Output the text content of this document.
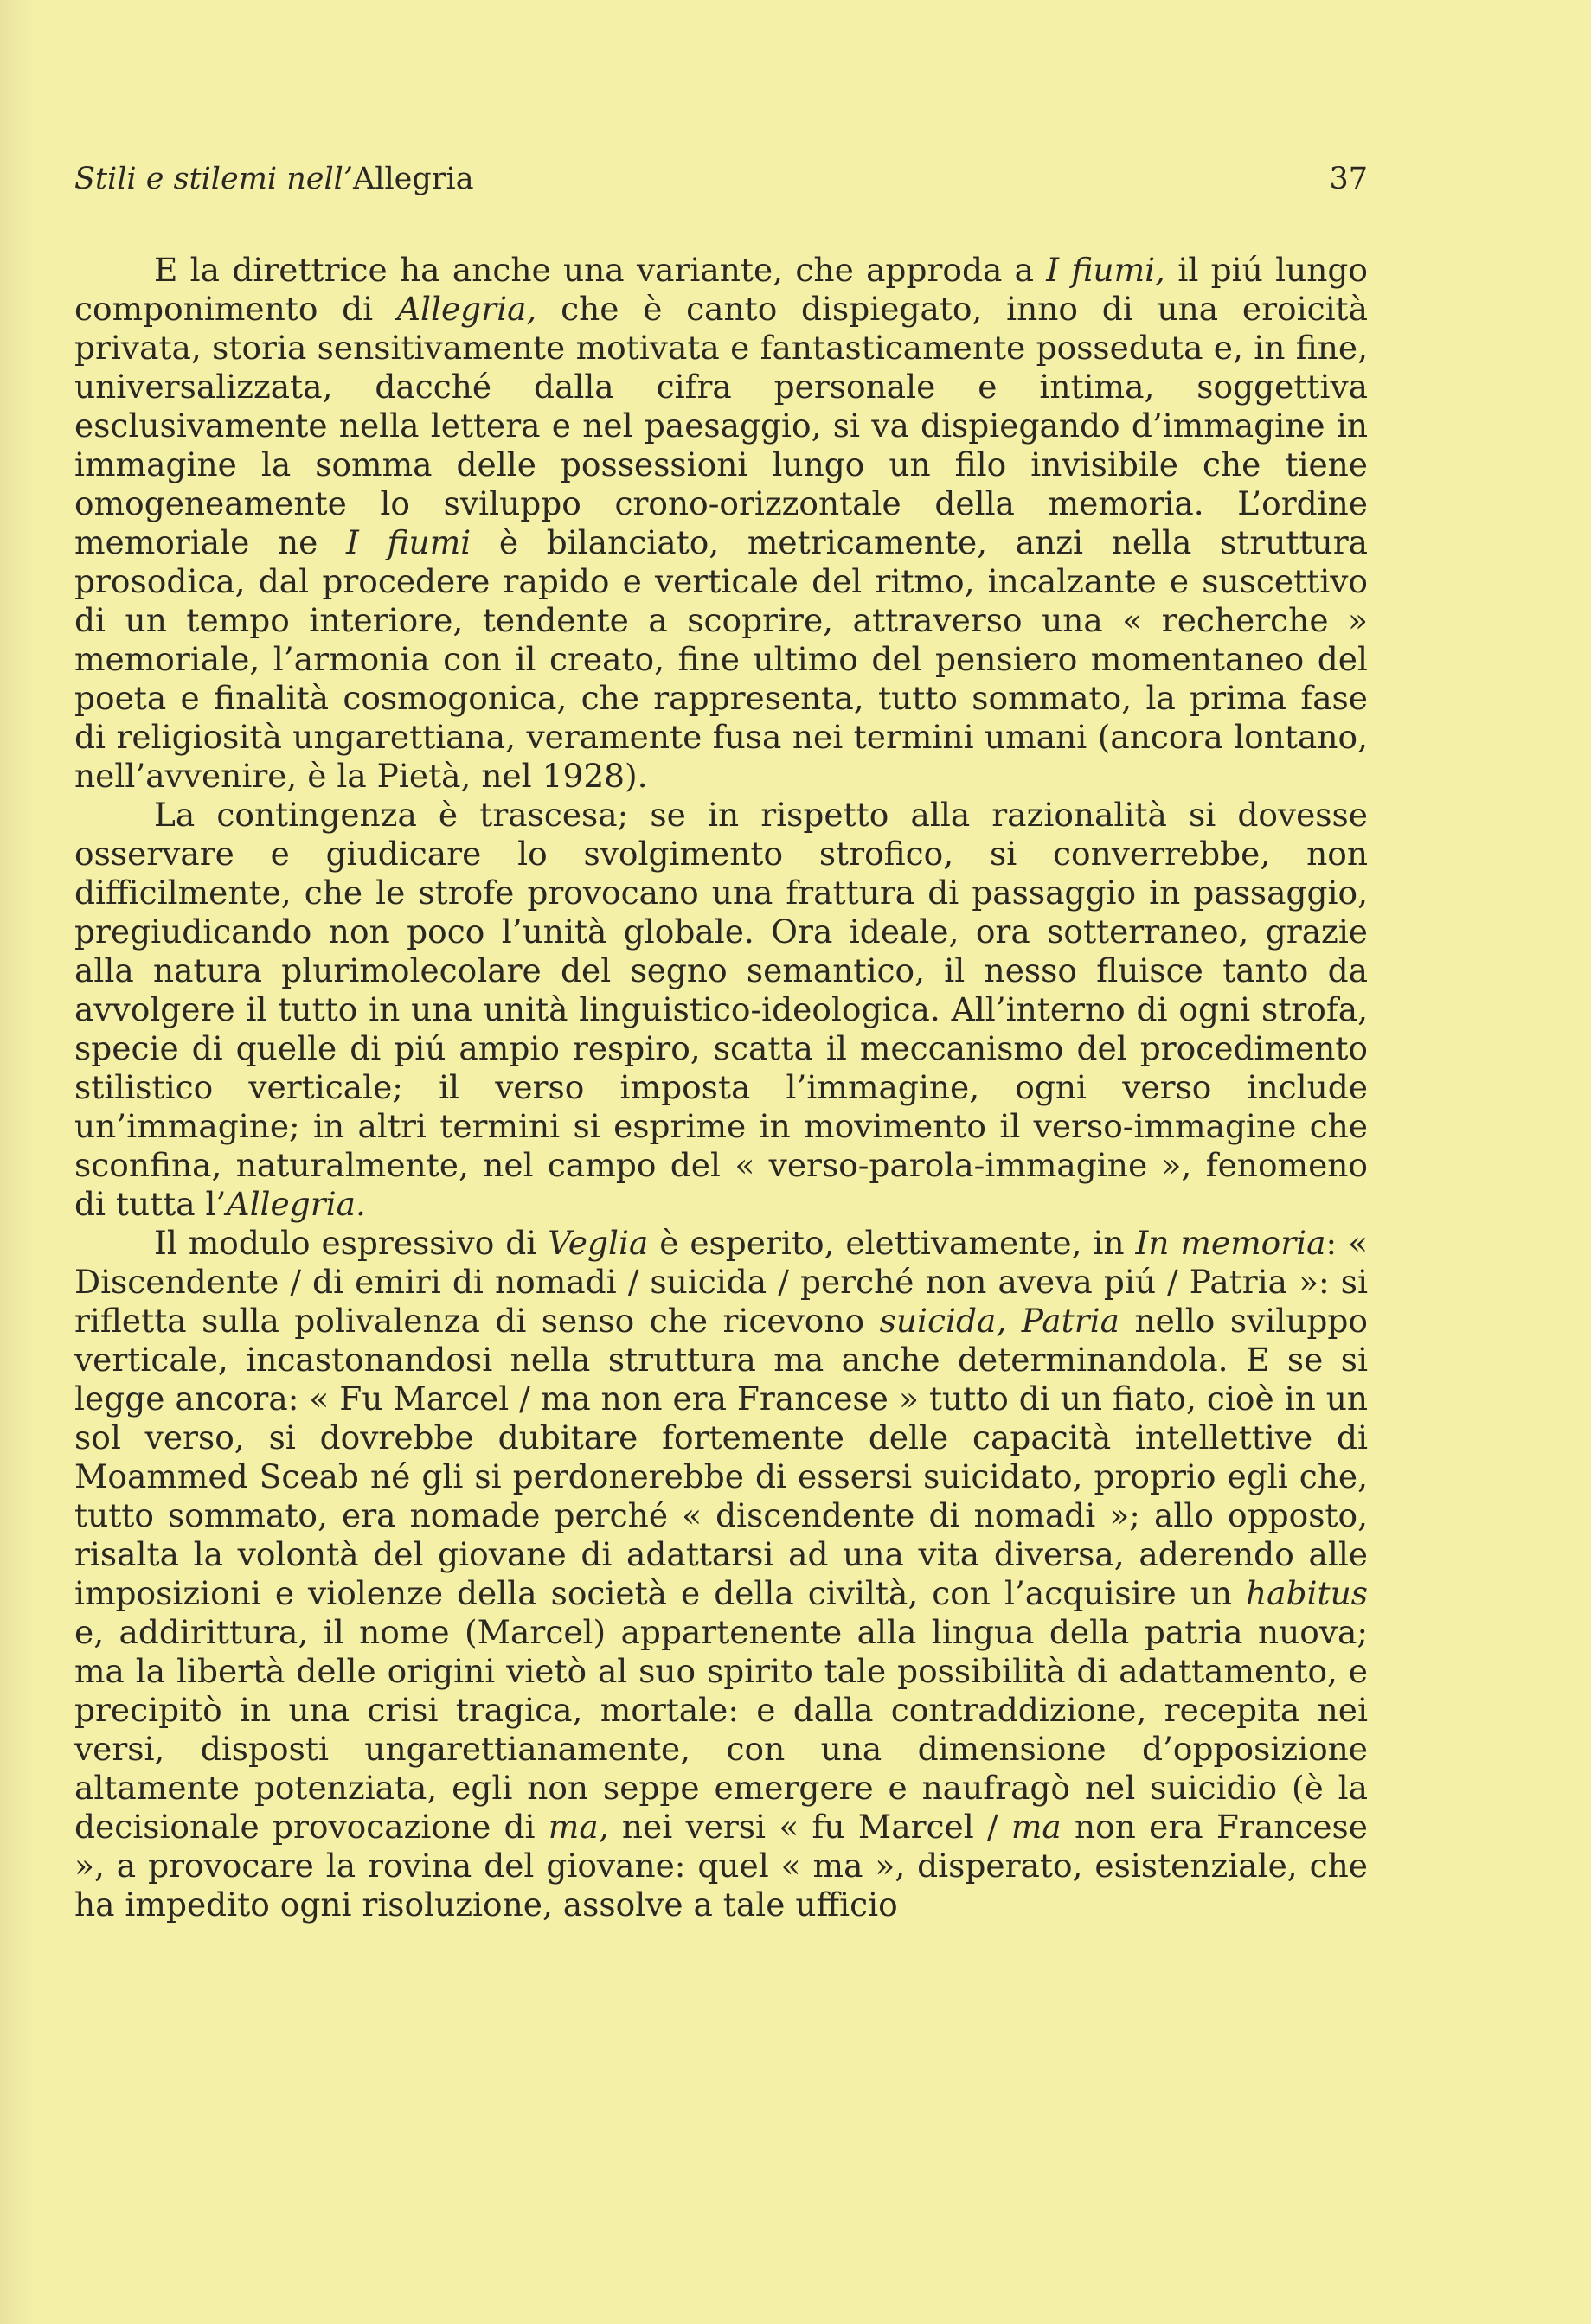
Stili e stilemi nell’Allegria	37

E la direttrice ha anche una variante, che approda a I fiumi, il piú lungo componimento di Allegria, che è canto dispiegato, inno di una eroicità privata, storia sensitivamente motivata e fantasticamente posseduta e, in fine, universalizzata, dacché dalla cifra personale e intima, soggettiva esclusivamente nella lettera e nel paesaggio, si va dispiegando d’immagine in immagine la somma delle possessioni lungo un filo invisibile che tiene omogeneamente lo sviluppo crono-orizzontale della memoria. L’ordine memoriale ne I fiumi è bilanciato, metricamente, anzi nella struttura prosodica, dal procedere rapido e verticale del ritmo, incalzante e suscettivo di un tempo interiore, tendente a scoprire, attraverso una « recherche » memoriale, l’armonia con il creato, fine ultimo del pensiero momentaneo del poeta e finalità cosmogonica, che rappresenta, tutto sommato, la prima fase di religiosità ungarettiana, veramente fusa nei termini umani (ancora lontano, nell’avvenire, è la Pietà, nel 1928).

La contingenza è trascesa; se in rispetto alla razionalità si dovesse osservare e giudicare lo svolgimento strofico, si converrebbe, non difficilmente, che le strofe provocano una frattura di passaggio in passaggio, pregiudicando non poco l’unità globale. Ora ideale, ora sotterraneo, grazie alla natura plurimolecolare del segno semantico, il nesso fluisce tanto da avvolgere il tutto in una unità linguistico-ideologica. All’interno di ogni strofa, specie di quelle di piú ampio respiro, scatta il meccanismo del procedimento stilistico verticale; il verso imposta l’immagine, ogni verso include un’immagine; in altri termini si esprime in movimento il verso-immagine che sconfina, naturalmente, nel campo del « verso-parola-immagine », fenomeno di tutta l’Allegria.

Il modulo espressivo di Veglia è esperito, elettivamente, in In memoria: « Discendente / di emiri di nomadi / suicida / perché non aveva piú / Patria »: si rifletta sulla polivalenza di senso che ricevono suicida, Patria nello sviluppo verticale, incastonandosi nella struttura ma anche determinandola. E se si legge ancora: « Fu Marcel / ma non era Francese » tutto di un fiato, cioè in un sol verso, si dovrebbe dubitare fortemente delle capacità intellettive di Moammed Sceab né gli si perdonerebbe di essersi suicidato, proprio egli che, tutto sommato, era nomade perché « discendente di nomadi »; allo opposto, risalta la volontà del giovane di adattarsi ad una vita diversa, aderendo alle imposizioni e violenze della società e della civiltà, con l’acquisire un habitus e, addirittura, il nome (Marcel) appartenente alla lingua della patria nuova; ma la libertà delle origini vietò al suo spirito tale possibilità di adattamento, e precipitò in una crisi tragica, mortale: e dalla contraddizione, recepita nei versi, disposti ungarettianamente, con una dimensione d’opposizione altamente potenziata, egli non seppe emergere e naufragò nel suicidio (è la decisionale provocazione di ma, nei versi « fu Marcel / ma non era Francese », a provocare la rovina del giovane: quel « ma », disperato, esistenziale, che ha impedito ogni risoluzione, assolve a tale ufficio
